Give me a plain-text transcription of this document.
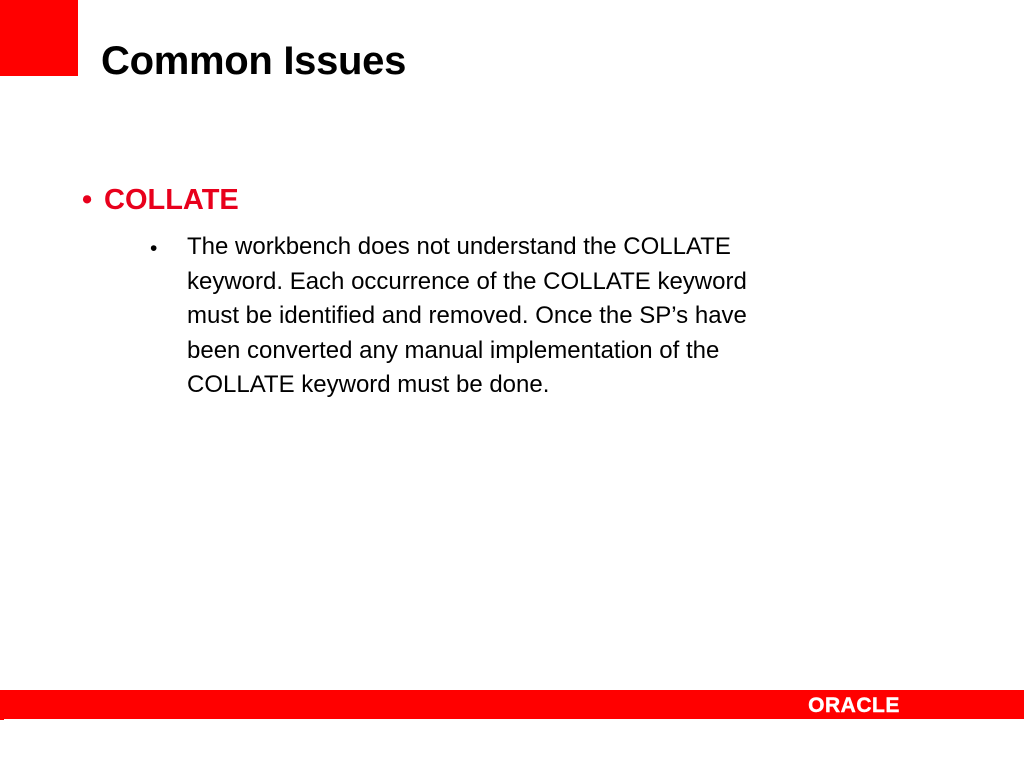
Common Issues
• COLLATE
• The workbench does not understand the COLLATE
keyword. Each occurrence of the COLLATE keyword
must be identified and removed. Once the SP’s have
been converted any manual implementation of the
COLLATE keyword must be done.

ORACLE
